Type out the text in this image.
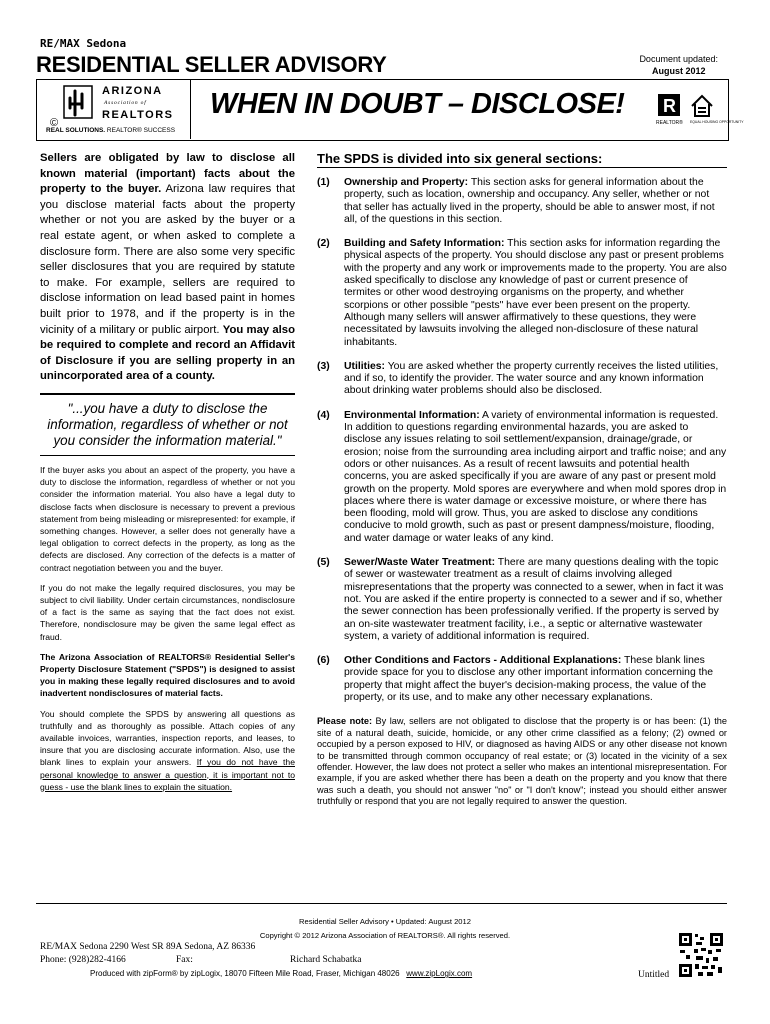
RE/MAX Sedona
RESIDENTIAL SELLER ADVISORY	Document updated:
August 2012
©
ARIZONA
Association of
REALTORS
REAL SOLUTIONS. REALTOR® SUCCESS
WHEN IN DOUBT – DISCLOSE! R
REALTOR® EQUAL HOUSING OPPORTUNITY

Sellers are obligated by law to disclose all known material (important) facts about the property to the buyer. Arizona law requires that you disclose material facts about the property whether or not you are asked by the buyer or a real estate agent, or when asked to complete a disclosure form. There are also some very specific seller disclosures that you are required by statute to make. For example, sellers are required to disclose information on lead based paint in homes built prior to 1978, and if the property is in the vicinity of a military or public airport. You may also be required to complete and record an Affidavit of Disclosure if you are selling property in an unincorporated area of a county.

"...you have a duty to disclose the information, regardless of whether or not you consider the information material."

If the buyer asks you about an aspect of the property, you have a duty to disclose the information, regardless of whether or not you consider the information material. You also have a legal duty to disclose facts when disclosure is necessary to prevent a previous statement from being misleading or misrepresented: for example, if something changes. However, a seller does not generally have a legal obligation to correct defects in the property, as long as the defects are disclosed. Any correction of the defects is a matter of contract negotiation between you and the buyer.

If you do not make the legally required disclosures, you may be subject to civil liability. Under certain circumstances, nondisclosure of a fact is the same as saying that the fact does not exist. Therefore, nondisclosure may be given the same legal effect as fraud.

The Arizona Association of REALTORS® Residential Seller's Property Disclosure Statement ("SPDS") is designed to assist you in making these legally required disclosures and to avoid inadvertent nondisclosures of material facts.

You should complete the SPDS by answering all questions as truthfully and as thoroughly as possible. Attach copies of any available invoices, warranties, inspection reports, and leases, to insure that you are disclosing accurate information. Also, use the blank lines to explain your answers. If you do not have the personal knowledge to answer a question, it is important not to guess - use the blank lines to explain the situation.

The SPDS is divided into six general sections:
(1)	Ownership and Property: This section asks for general information about the property, such as location, ownership and occupancy. Any seller, whether or not that seller has actually lived in the property, should be able to answer most, if not all, of the questions in this section.
(2)	Building and Safety Information: This section asks for information regarding the physical aspects of the property. You should disclose any past or present problems with the property and any work or improvements made to the property. You are also asked specifically to disclose any knowledge of past or current presence of termites or other wood destroying organisms on the property, and whether scorpions or other possible "pests" have ever been present on the property. Although many sellers will answer affirmatively to these questions, they were necessitated by lawsuits involving the alleged non-disclosure of these natural inhabitants.
(3)	Utilities: You are asked whether the property currently receives the listed utilities, and if so, to identify the provider. The water source and any known information about drinking water problems should also be disclosed.
(4)	Environmental Information: A variety of environmental information is requested. In addition to questions regarding environmental hazards, you are asked to disclose any issues relating to soil settlement/expansion, drainage/grade, or erosion; noise from the surrounding area including airport and traffic noise; and any odors or other nuisances. As a result of recent lawsuits and potential health concerns, you are asked specifically if you are aware of any past or present mold growth on the property. Mold spores are everywhere and when mold spores drop in places where there is water damage or excessive moisture, or where there has been flooding, mold will grow. Thus, you are asked to disclose any conditions conducive to mold growth, such as past or present dampness/moisture, flooding, and water damage or water leaks of any kind.
(5)	Sewer/Waste Water Treatment: There are many questions dealing with the topic of sewer or wastewater treatment as a result of claims involving alleged misrepresentations that the property was connected to a sewer, when in fact it was not. You are asked if the entire property is connected to a sewer and if so, whether the sewer connection has been professionally verified. If the property is served by an on-site wastewater treatment facility, i.e., a septic or alternative wastewater system, a variety of additional information is required.
(6)	Other Conditions and Factors - Additional Explanations: These blank lines provide space for you to disclose any other important information concerning the property that might affect the buyer's decision-making process, the value of the property, or its use, and to make any other necessary explanations.
Please note: By law, sellers are not obligated to disclose that the property is or has been: (1) the site of a natural death, suicide, homicide, or any other crime classified as a felony; (2) owned or occupied by a person exposed to HIV, or diagnosed as having AIDS or any other disease not known to be transmitted through common occupancy of real estate; or (3) located in the vicinity of a sex offender. However, the law does not protect a seller who makes an intentional misrepresentation. For example, if you are asked whether there has been a death on the property and you know that there was such a death, you should not answer "no" or "I don't know"; instead you should either answer truthfully or respond that you are not legally required to answer the question.
Residential Seller Advisory • Updated: August 2012
Copyright © 2012 Arizona Association of REALTORS®. All rights reserved.
RE/MAX Sedona 2290 West SR 89A Sedona, AZ 86336
Phone: (928)282-4166	Fax:	Richard Schabatka
Produced with zipForm® by zipLogix, 18070 Fifteen Mile Road, Fraser, Michigan 48026 www.zipLogix.com	Untitled
